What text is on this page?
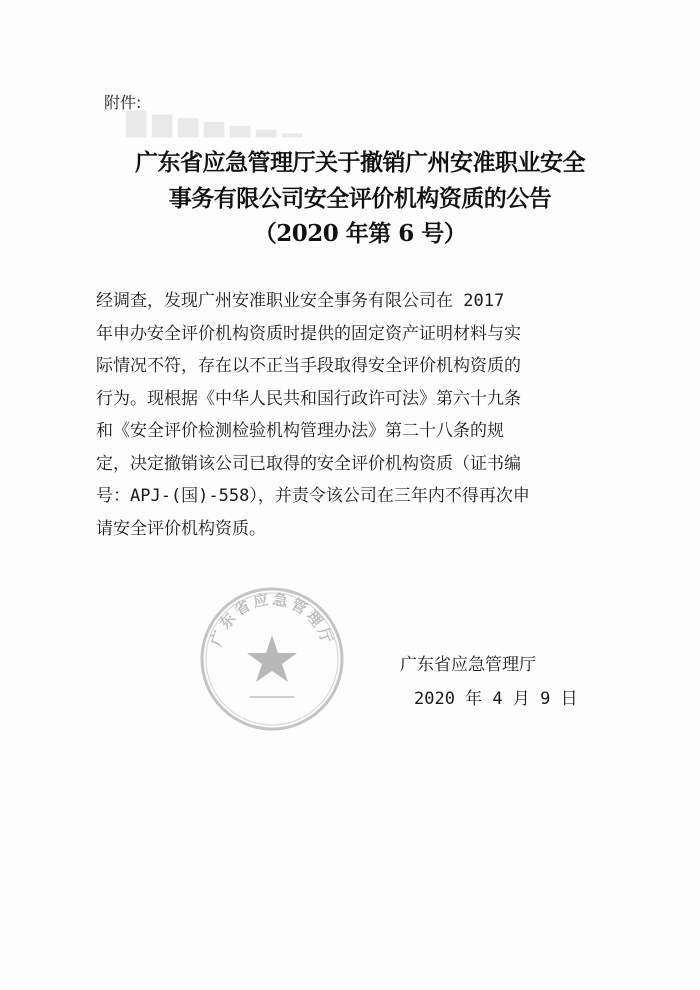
▁▂▃▄▅▆▇
附件:
广东省应急管理厅关于撤销广州安准职业安全
事务有限公司安全评价机构资质的公告
（2020 年第 6 号）
经调查，发现广州安准职业安全事务有限公司在 2017
年申办安全评价机构资质时提供的固定资产证明材料与实
际情况不符，存在以不正当手段取得安全评价机构资质的
行为。现根据《中华人民共和国行政许可法》第六十九条
和《安全评价检测检验机构管理办法》第二十八条的规
定，决定撤销该公司已取得的安全评价机构资质（证书编
号：APJ-(国)-558），并责令该公司在三年内不得再次申
请安全评价机构资质。
广东省应急管理厅
广东省应急管理厅
2020 年 4 月 9 日
